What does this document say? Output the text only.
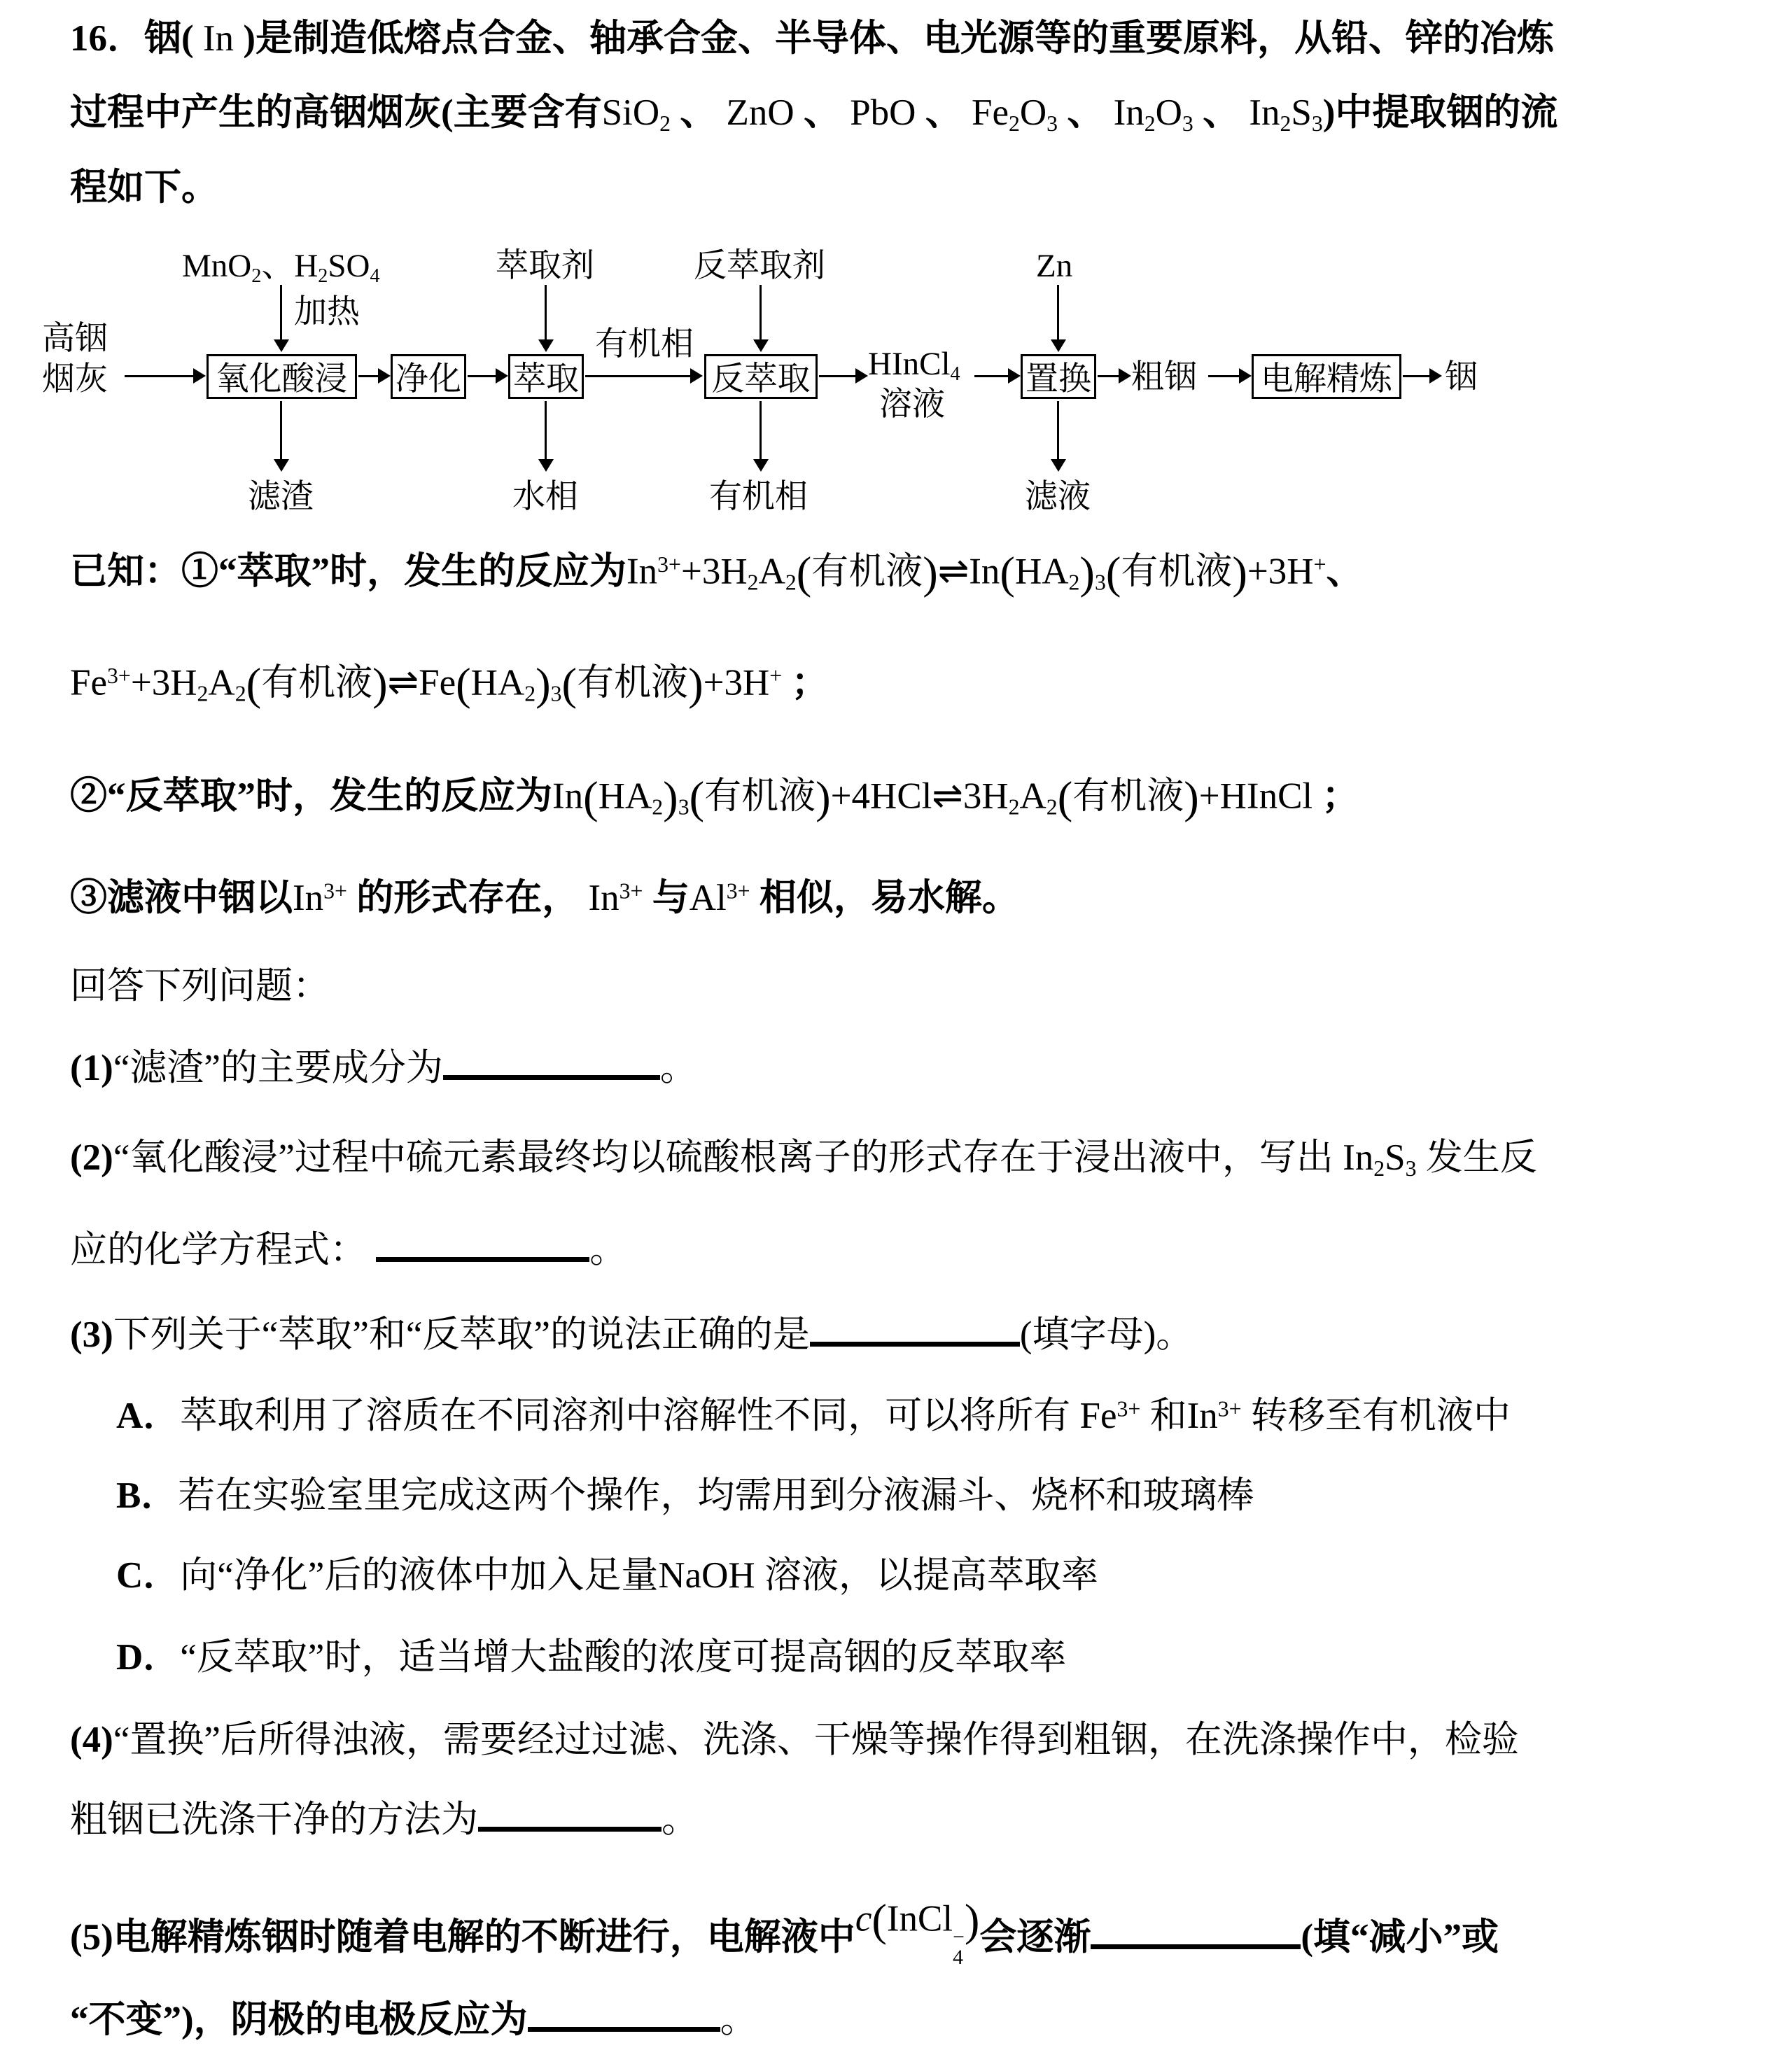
16．铟( In )是制造低熔点合金、轴承合金、半导体、电光源等的重要原料，从铅、锌的冶炼
过程中产生的高铟烟灰(主要含有SiO$_2$ 、 ZnO 、 PbO 、 $Fe_2O_3$ 、 $In_2O_3$ 、 $In_2S_3$)中提取铟的流
程如下。
MnO$_2$、$H_2SO_4$
加热
萃取剂	反萃取剂	Zn
高铟
烟灰	氧化酸浸 净化 萃取
有机相
反萃取 HInCl$_4$
溶液
置换 粗铟 电解精炼 铟
滤渣	水相	有机相	滤液
已知：①“萃取”时，发生的反应为$In^{3+}+3H_2A_2$(有机液)$\rightleftharpoons In(HA_2)_3$(有机液)+3H+、
$Fe^{3+}+3H_2A_2$(有机液)$\rightleftharpoons Fe(HA_2)_3$(有机液)+3H+ ；
②“反萃取”时，发生的反应为$In(HA_2)_3$(有机液)$+4HCl\rightleftharpoons 3H_2A_2$(有机液)+HInCl ；
③滤液中铟以$In^{3+}$ 的形式存在， $In^{3+}$ 与$Al^{3+}$ 相似，易水解。
回答下列问题：
(1)“滤渣”的主要成分为	。
(2)“氧化酸浸”过程中硫元素最终均以硫酸根离子的形式存在于浸出液中，写出 $In_2S_3$ 发生反
应的化学方程式：	。
(3)下列关于“萃取”和“反萃取”的说法正确的是	(填字母)。
A．萃取利用了溶质在不同溶剂中溶解性不同，可以将所有 $Fe^{3+}$ 和$In^{3+}$ 转移至有机液中
B．若在实验室里完成这两个操作，均需用到分液漏斗、烧杯和玻璃棒
C．向“净化”后的液体中加入足量NaOH 溶液，以提高萃取率
D．“反萃取”时，适当增大盐酸的浓度可提高铟的反萃取率
(4)“置换”后所得浊液，需要经过过滤、洗涤、干燥等操作得到粗铟，在洗涤操作中，检验
粗铟已洗涤干净的方法为	。
(5)电解精炼铟时随着电解的不断进行，电解液中c(InCl −
4
)会逐渐	(填“减小”或
“不变”)，阴极的电极反应为	。
